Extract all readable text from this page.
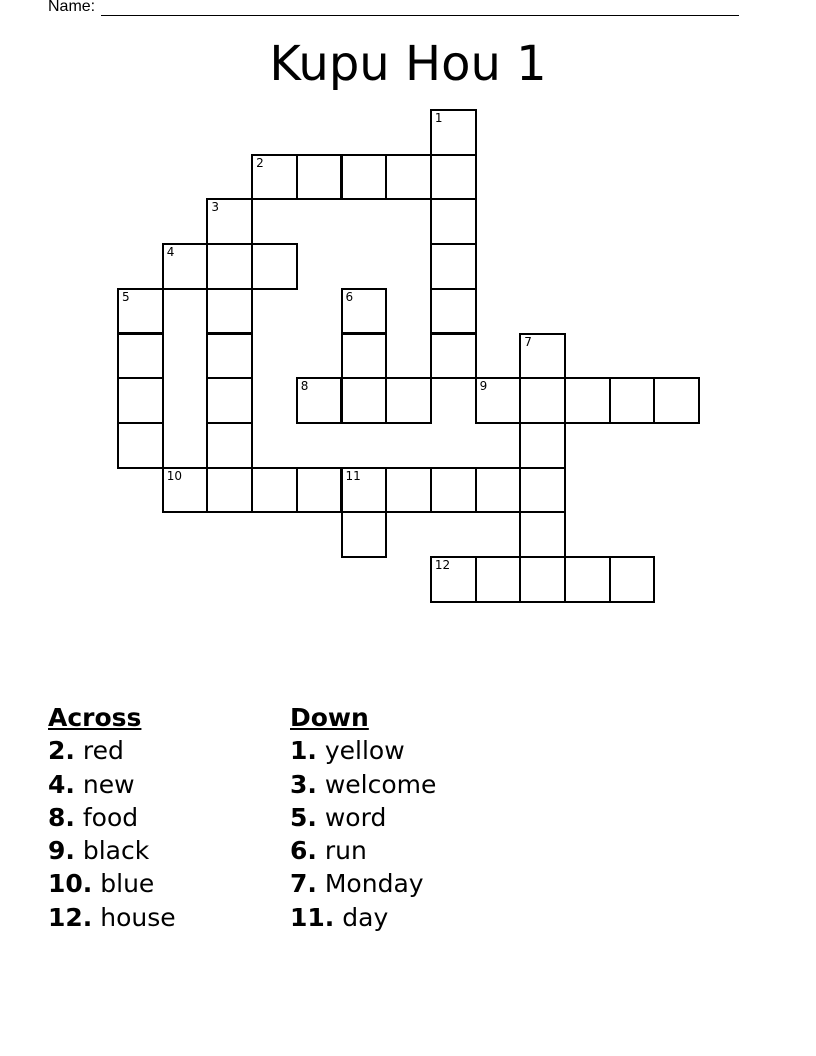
Name:
Kupu Hou 1
1
2
3
4
5	6
7
8	9
10	11
12
Across
2. red
4. new
8. food
9. black
10. blue
12. house
Down
1. yellow
3. welcome
5. word
6. run
7. Monday
11. day
